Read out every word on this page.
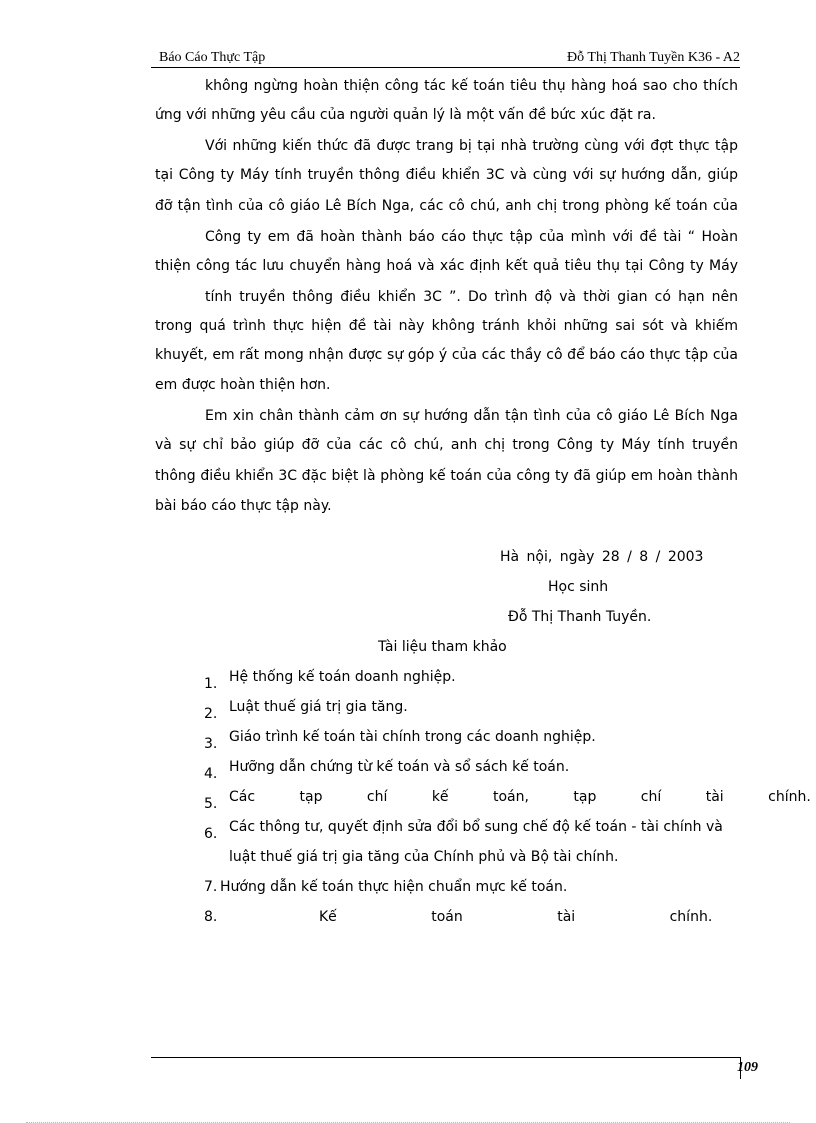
Báo Cáo Thực Tập	Đỗ Thị Thanh Tuyền K36 - A2
không ngừng hoàn thiện công tác kế toán tiêu thụ hàng hoá sao cho thích
ứng với những yêu cầu của người quản lý là một vấn đề bức xúc đặt ra.
Với những kiến thức đã được trang bị tại nhà trường cùng với đợt thực tập
tại Công ty Máy tính truyền thông điều khiển 3C và cùng với sự hướng dẫn, giúp
đỡ tận tình của cô giáo Lê Bích Nga, các cô chú, anh chị trong phòng kế toán của
Công ty em đã hoàn thành báo cáo thực tập của mình với đề tài “ Hoàn
thiện công tác lưu chuyển hàng hoá và xác định kết quả tiêu thụ tại Công ty Máy
tính truyền thông điều khiển 3C ”. Do trình độ và thời gian có hạn nên
trong quá trình thực hiện đề tài này không tránh khỏi những sai sót và khiếm
khuyết, em rất mong nhận được sự góp ý của các thầy cô để báo cáo thực tập của
em được hoàn thiện hơn.
Em xin chân thành cảm ơn sự hướng dẫn tận tình của cô giáo Lê Bích Nga
và sự chỉ bảo giúp đỡ của các cô chú, anh chị trong Công ty Máy tính truyền
thông điều khiển 3C đặc biệt là phòng kế toán của công ty đã giúp em hoàn thành
bài báo cáo thực tập này.
Hà nội, ngày 28 / 8 / 2003
Học sinh
Đỗ Thị Thanh Tuyền.
Tài liệu tham khảo
1. Hệ thống kế toán doanh nghiệp.
2. Luật thuế giá trị gia tăng.
3. Giáo trình kế toán tài chính trong các doanh nghiệp.
4. Hưỡng dẫn chứng từ kế toán và sổ sách kế toán.
5. Các tạp chí kế toán, tạp chí tài chính.
6. Các thông tư, quyết định sửa đổi bổ sung chế độ kế toán - tài chính và
luật thuế giá trị gia tăng của Chính phủ và Bộ tài chính.
7. Hướng dẫn kế toán thực hiện chuẩn mực kế toán.
8.	Kế toán tài chính.
109
